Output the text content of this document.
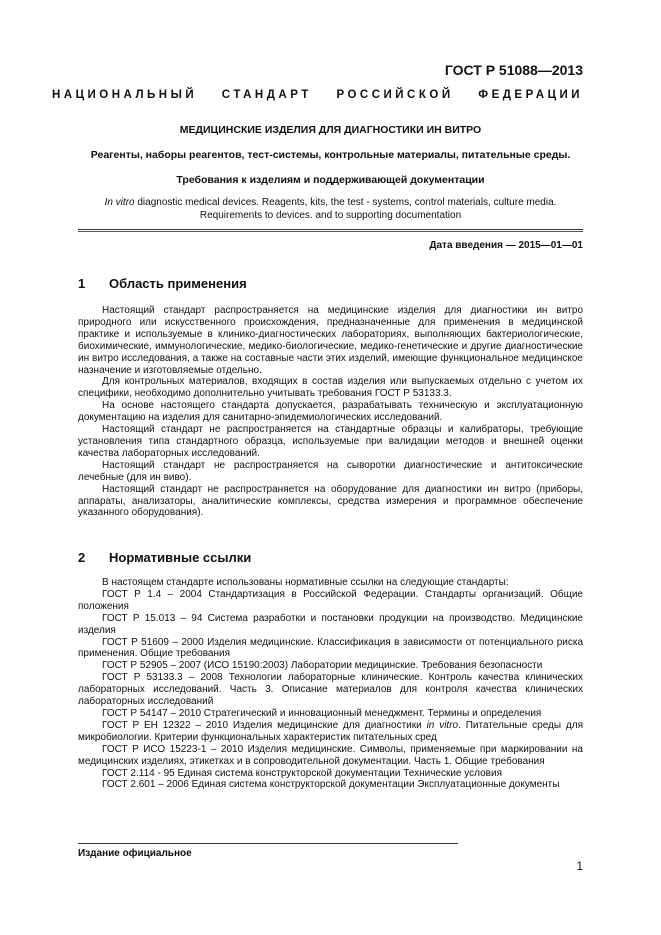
ГОСТ Р 51088—2013
НАЦИОНАЛЬНЫЙ СТАНДАРТ РОССИЙСКОЙ ФЕДЕРАЦИИ
МЕДИЦИНСКИЕ ИЗДЕЛИЯ ДЛЯ ДИАГНОСТИКИ ИН ВИТРО
Реагенты, наборы реагентов, тест-системы, контрольные материалы, питательные среды.
Требования к изделиям и поддерживающей документации
In vitro diagnostic medical devices. Reagents, kits, the test - systems, control materials, culture media.
Requirements to devices. and to supporting documentation
Дата введения — 2015—01—01
1 Область применения

Настоящий стандарт распространяется на медицинские изделия для диагностики ин витро природного или искусственного происхождения, предназначенные для применения в медицинской практике и используемые в клинико-диагностических лабораториях, выполняющих бактериологические, биохимические, иммунологические, медико-биологические, медико-генетические и другие диагностические ин витро исследования, а также на составные части этих изделий, имеющие функциональное медицинское назначение и изготовляемые отдельно.

Для контрольных материалов, входящих в состав изделия или выпускаемых отдельно с учетом их специфики, необходимо дополнительно учитывать требования ГОСТ Р 53133.3.

На основе настоящего стандарта допускается, разрабатывать техническую и эксплуатационную документацию на изделия для санитарно-эпидемиологических исследований.

Настоящий стандарт не распространяется на стандартные образцы и калибраторы, требующие установления типа стандартного образца, используемые при валидации методов и внешней оценки качества лабораторных исследований.

Настоящий стандарт не распространяется на сыворотки диагностические и антитоксические лечебные (для ин виво).

Настоящий стандарт не распространяется на оборудование для диагностики ин витро (приборы, аппараты, анализаторы, аналитические комплексы, средства измерения и программное обеспечение указанного оборудования).

2 Нормативные ссылки

В настоящем стандарте использованы нормативные ссылки на следующие стандарты:

ГОСТ Р 1.4 – 2004 Стандартизация в Российской Федерации. Стандарты организаций. Общие положения

ГОСТ Р 15.013 – 94 Система разработки и постановки продукции на производство. Медицинские изделия

ГОСТ Р 51609 – 2000 Изделия медицинские. Классификация в зависимости от потенциального риска применения. Общие требования

ГОСТ Р 52905 – 2007 (ИСО 15190:2003) Лаборатории медицинские. Требования безопасности

ГОСТ Р 53133.3 – 2008 Технологии лабораторные клинические. Контроль качества клинических лабораторных исследований. Часть 3. Описание материалов для контроля качества клинических лабораторных исследований

ГОСТ Р 54147 – 2010 Стратегический и инновационный менеджмент. Термины и определения

ГОСТ Р ЕН 12322 – 2010 Изделия медицинские для диагностики in vitro. Питательные среды для микробиологии. Критерии функциональных характеристик питательных сред

ГОСТ Р ИСО 15223-1 – 2010 Изделия медицинские. Символы, применяемые при маркировании на медицинских изделиях, этикетках и в сопроводительной документации. Часть 1. Общие требования

ГОСТ 2.114 - 95 Единая система конструкторской документации Технические условия

ГОСТ 2.601 – 2006 Единая система конструкторской документации Эксплуатационные документы

Издание официальное
1
